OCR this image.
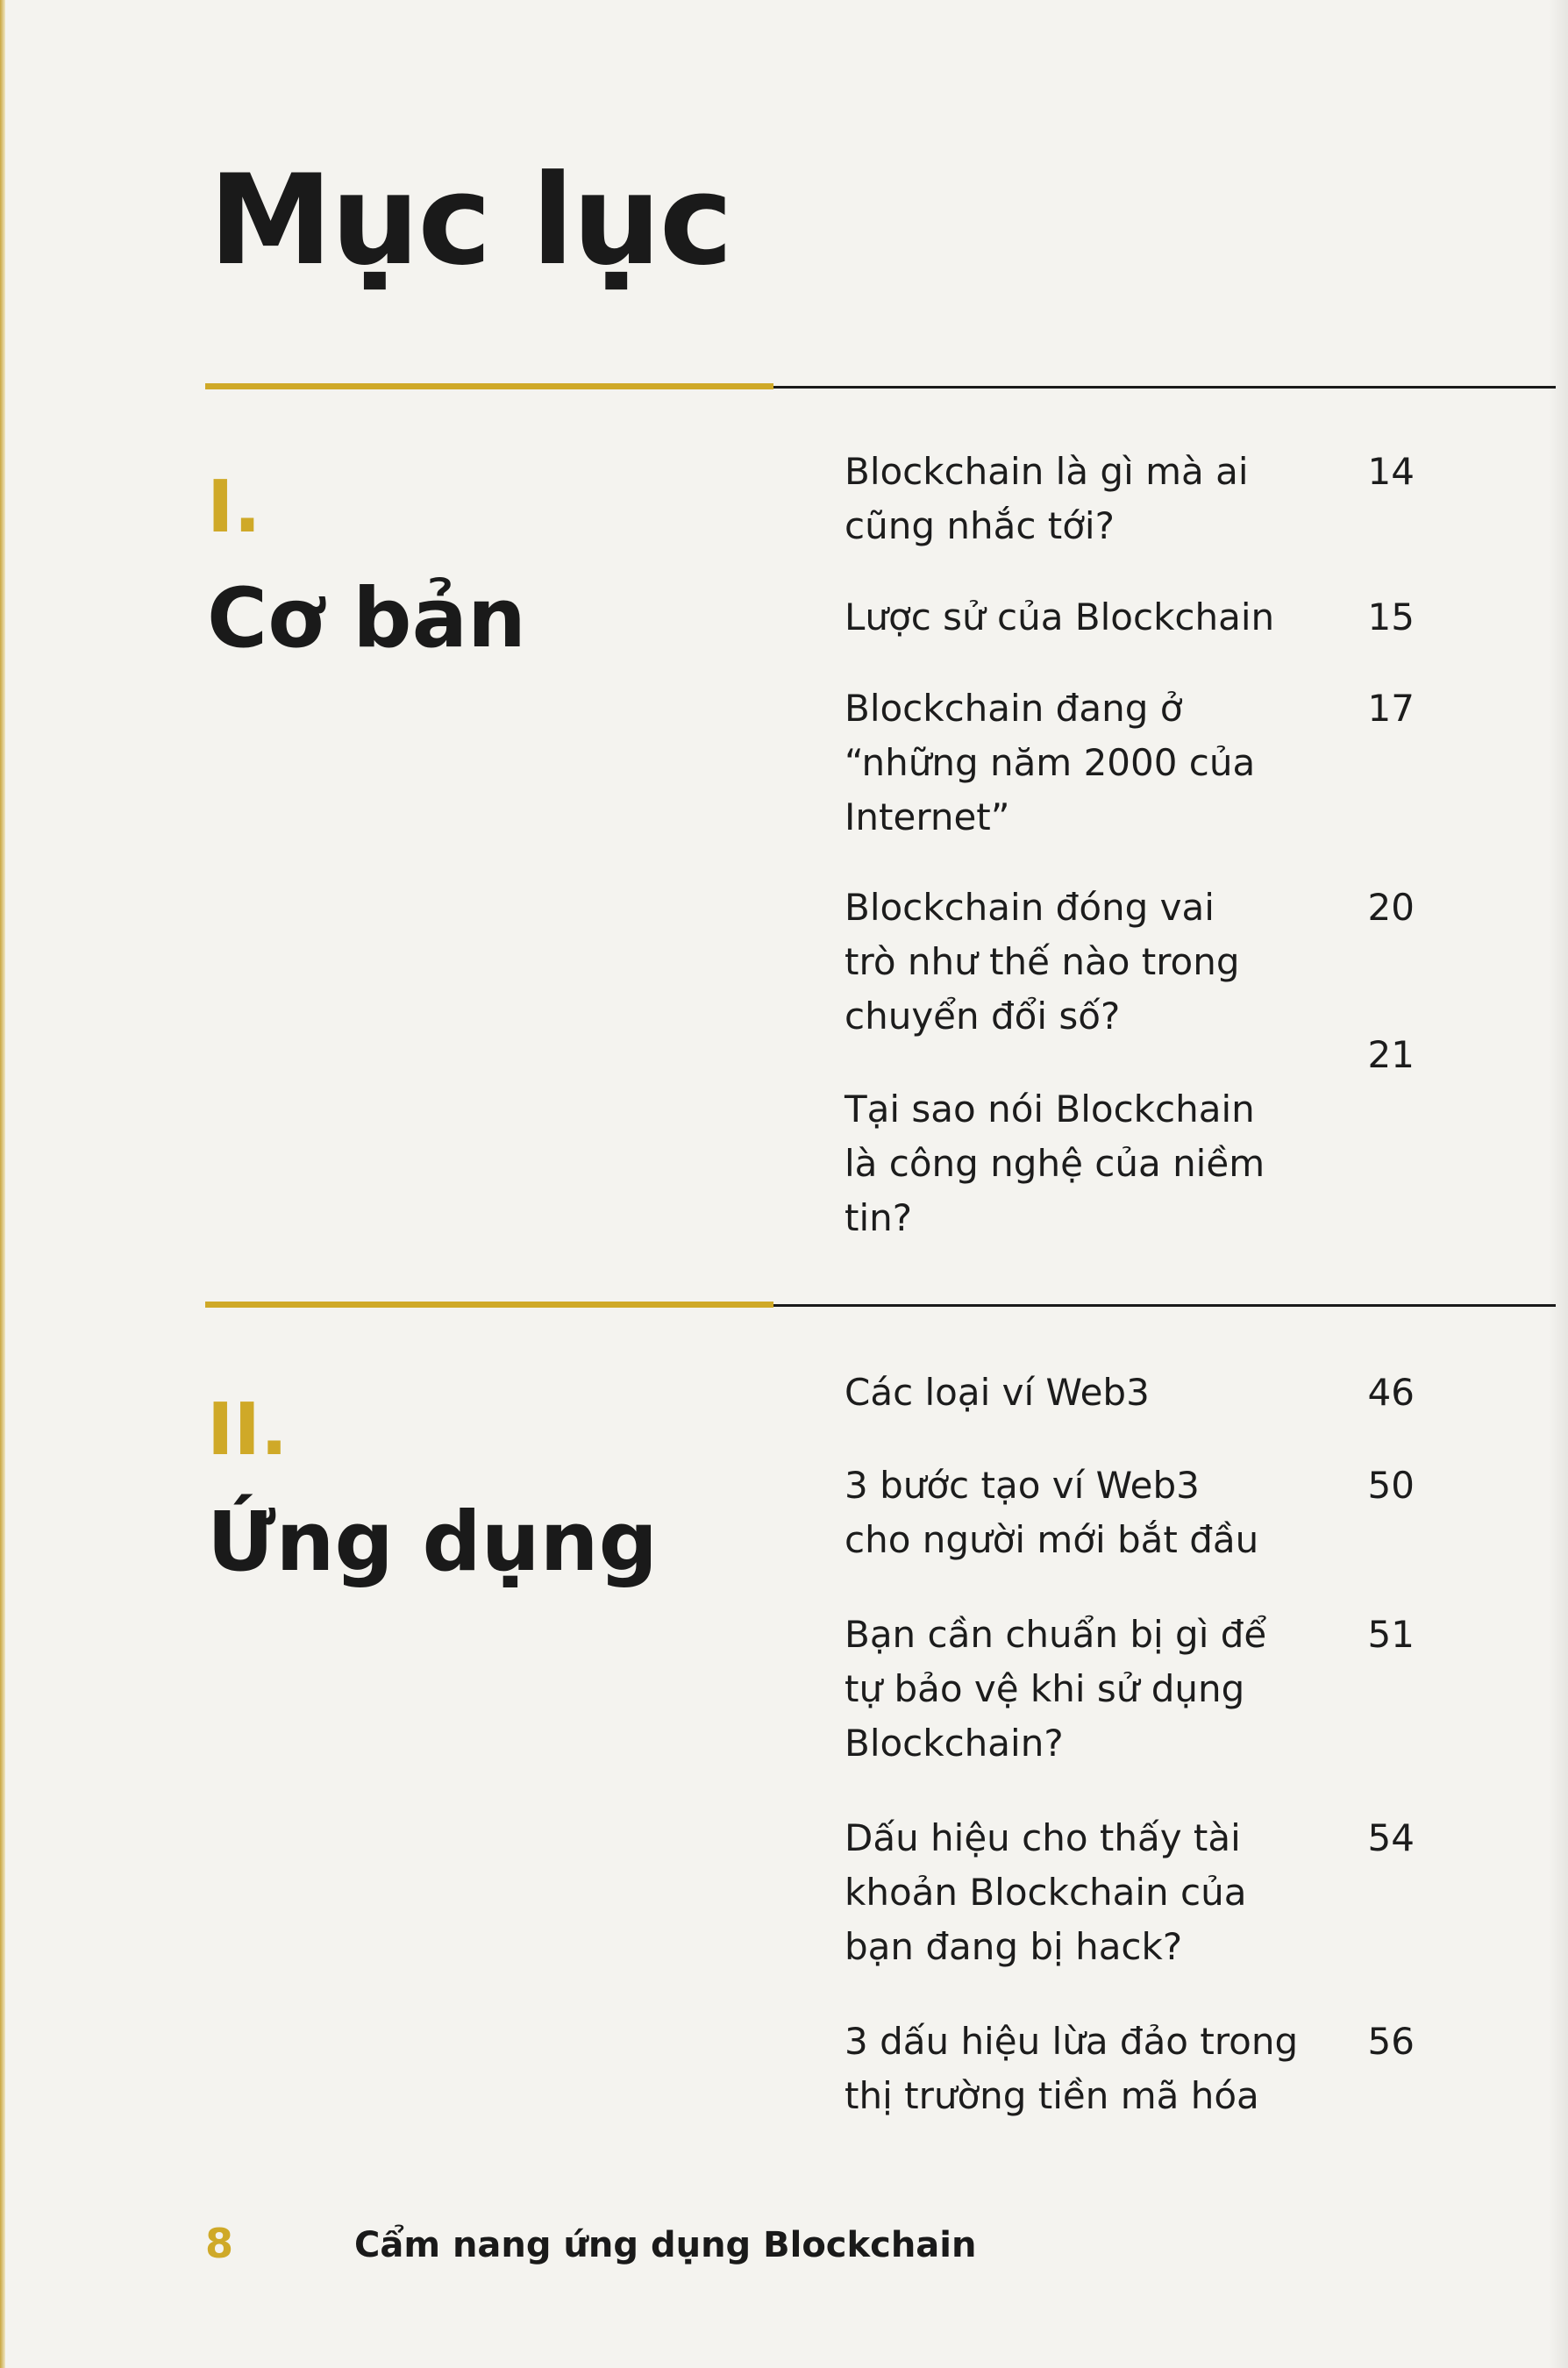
Mục lục
I.
Cơ bản
Blockchain là gì mà ai
cũng nhắc tới?
14
Lược sử của Blockchain	15
Blockchain đang ở
“những năm 2000 của
Internet”
17
Blockchain đóng vai
trò như thế nào trong
chuyển đổi số?
20
Tại sao nói Blockchain
là công nghệ của niềm
tin?
21
II.
Ứng dụng
Các loại ví Web3	46
3 bước tạo ví Web3
cho người mới bắt đầu
50
Bạn cần chuẩn bị gì để
tự bảo vệ khi sử dụng
Blockchain?
51
Dấu hiệu cho thấy tài
khoản Blockchain của
bạn đang bị hack?
54
3 dấu hiệu lừa đảo trong
thị trường tiền mã hóa
56
8	Cẩm nang ứng dụng Blockchain
